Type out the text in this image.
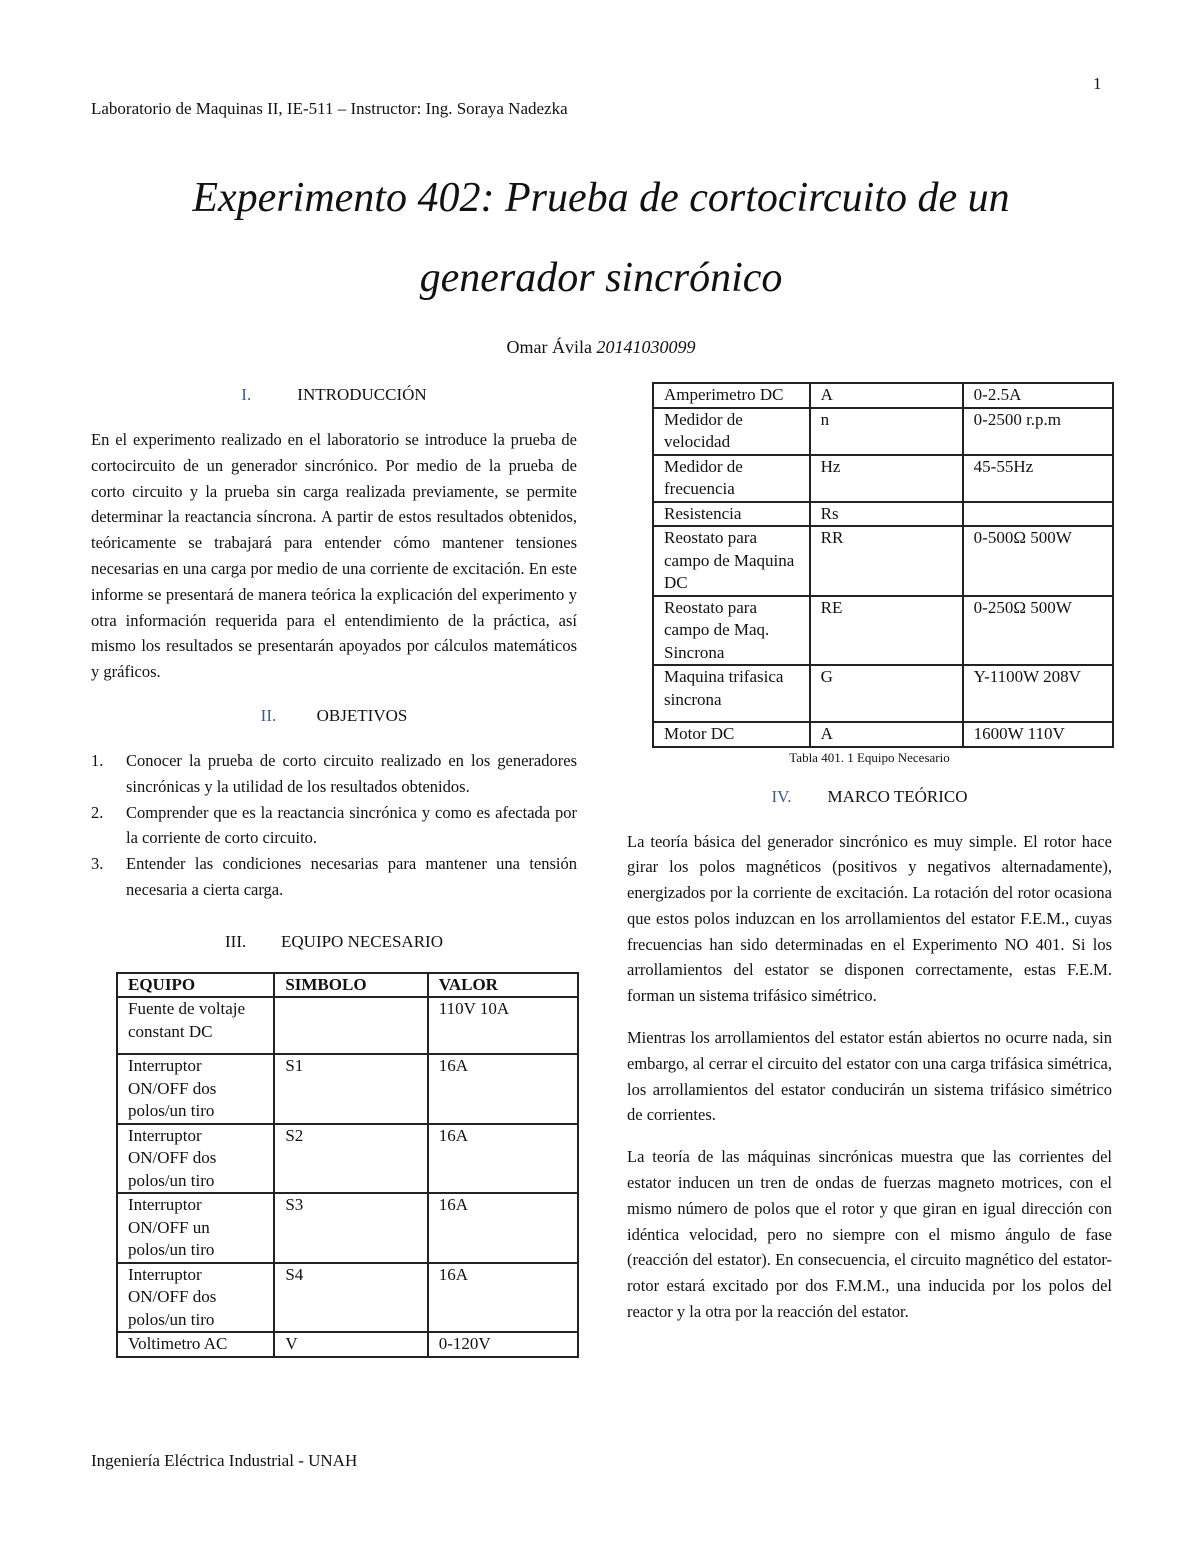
1
Laboratorio de Maquinas II, IE-511 – Instructor: Ing. Soraya Nadezka

Experimento 402: Prueba de cortocircuito de un

generador sincrónico

Omar Ávila 20141030099
I.	INTRODUCCIÓN

En el experimento realizado en el laboratorio se introduce la prueba de cortocircuito de un generador sincrónico. Por medio de la prueba de corto circuito y la prueba sin carga realizada previamente, se permite determinar la reactancia síncrona. A partir de estos resultados obtenidos, teóricamente se trabajará para entender cómo mantener tensiones necesarias en una carga por medio de una corriente de excitación. En este informe se presentará de manera teórica la explicación del experimento y otra información requerida para el entendimiento de la práctica, así mismo los resultados se presentarán apoyados por cálculos matemáticos y gráficos.

II. OBJETIVOS
1. Conocer la prueba de corto circuito realizado en los generadores sincrónicas y la utilidad de los resultados obtenidos.
2. Comprender que es la reactancia sincrónica y como es afectada por la corriente de corto circuito.
3. Entender las condiciones necesarias para mantener una tensión necesaria a cierta carga.
III. EQUIPO NECESARIO
EQUIPO	SIMBOLO	VALOR
Fuente de voltaje constant DC		110V 10A
Interruptor ON/OFF dos polos/un tiro	S1	16A
Interruptor ON/OFF dos polos/un tiro	S2	16A
Interruptor ON/OFF un polos/un tiro	S3	16A
Interruptor ON/OFF dos polos/un tiro	S4	16A
Voltimetro AC	V	0-120V
Amperimetro DC	A	0-2.5A
Medidor de velocidad	n	0-2500 r.p.m
Medidor de frecuencia	Hz	45-55Hz
Resistencia	Rs	
Reostato para campo de Maquina DC	RR	0-500Ω 500W
Reostato para campo de Maq. Sincrona	RE	0-250Ω 500W
Maquina trifasica sincrona	G	Y-1100W 208V
Motor DC	A	1600W 110V
Tabla 401. 1 Equipo Necesario
IV. MARCO TEÓRICO

La teoría básica del generador sincrónico es muy simple. El rotor hace girar los polos magnéticos (positivos y negativos alternadamente), energizados por la corriente de excitación. La rotación del rotor ocasiona que estos polos induzcan en los arrollamientos del estator F.E.M., cuyas frecuencias han sido determinadas en el Experimento NO 401. Si los arrollamientos del estator se disponen correctamente, estas F.E.M. forman un sistema trifásico simétrico.

Mientras los arrollamientos del estator están abiertos no ocurre nada, sin embargo, al cerrar el circuito del estator con una carga trifásica simétrica, los arrollamientos del estator conducirán un sistema trifásico simétrico de corrientes.

La teoría de las máquinas sincrónicas muestra que las corrientes del estator inducen un tren de ondas de fuerzas magneto motrices, con el mismo número de polos que el rotor y que giran en igual dirección con idéntica velocidad, pero no siempre con el mismo ángulo de fase (reacción del estator). En consecuencia, el circuito magnético del estator-rotor estará excitado por dos F.M.M., una inducida por los polos del reactor y la otra por la reacción del estator.

Ingeniería Eléctrica Industrial - UNAH
